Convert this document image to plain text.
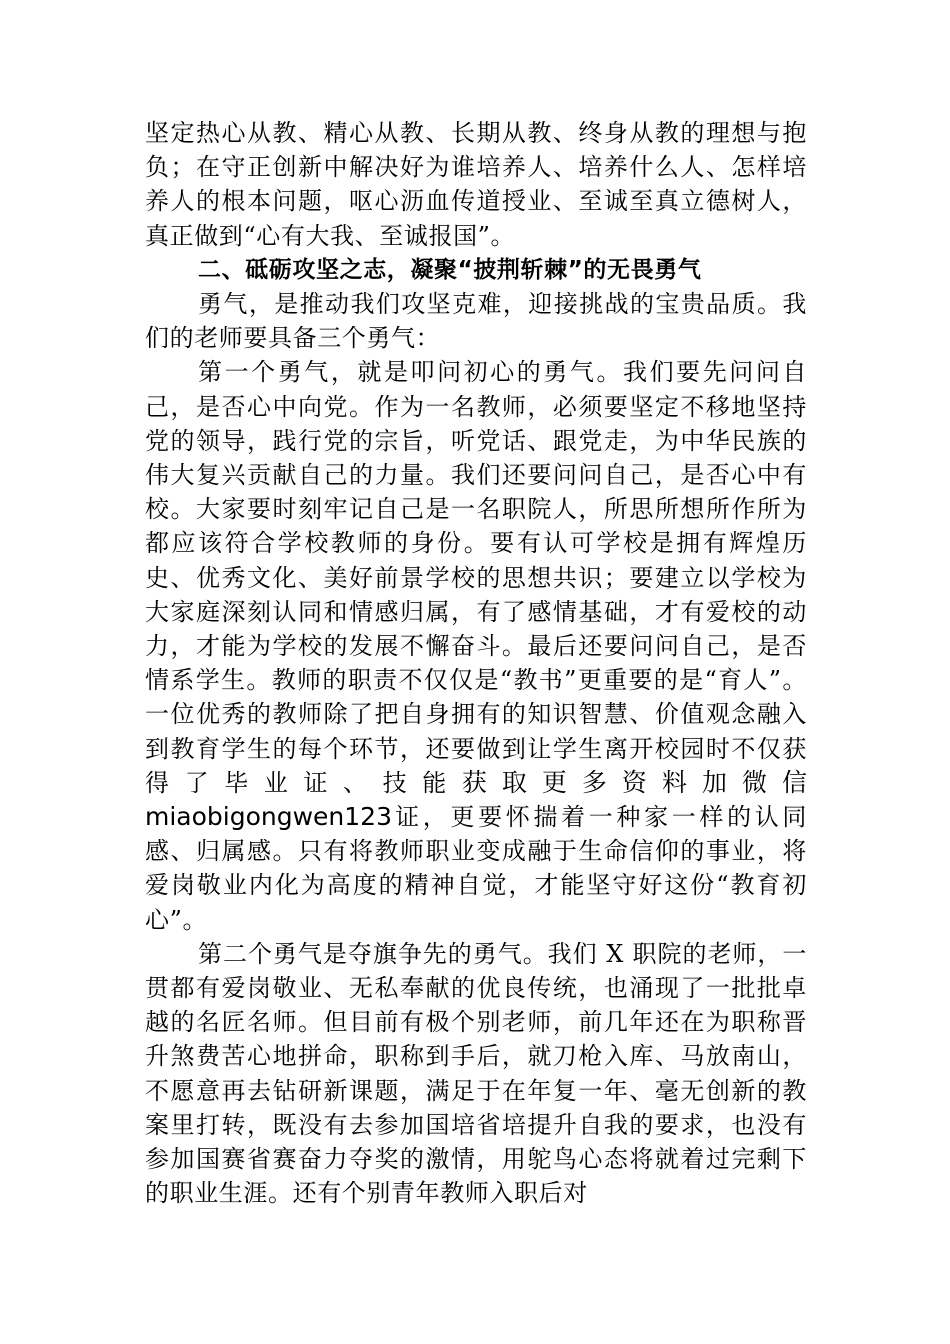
坚定热心从教、精心从教、长期从教、终身从教的理想与抱负；在守正创新中解决好为谁培养人、培养什么人、怎样培养人的根本问题，呕心沥血传道授业、至诚至真立德树人，真正做到“心有大我、至诚报国”。

二、砥砺攻坚之志，凝聚“披荆斩棘”的无畏勇气

勇气，是推动我们攻坚克难，迎接挑战的宝贵品质。我们的老师要具备三个勇气：

第一个勇气，就是叩问初心的勇气。我们要先问问自己，是否心中向党。作为一名教师，必须要坚定不移地坚持党的领导，践行党的宗旨，听党话、跟党走，为中华民族的伟大复兴贡献自己的力量。我们还要问问自己，是否心中有校。大家要时刻牢记自己是一名职院人，所思所想所作所为都应该符合学校教师的身份。要有认可学校是拥有辉煌历史、优秀文化、美好前景学校的思想共识；要建立以学校为大家庭深刻认同和情感归属，有了感情基础，才有爱校的动力，才能为学校的发展不懈奋斗。最后还要问问自己，是否情系学生。教师的职责不仅仅是“教书”更重要的是“育人”。一位优秀的教师除了把自身拥有的知识智慧、价值观念融入到教育学生的每个环节，还要做到让学生离开校园时不仅获得了毕业证、技能获取更多资料加微信 miaobigongwen123证，更要怀揣着一种家一样的认同感、归属感。只有将教师职业变成融于生命信仰的事业，将爱岗敬业内化为高度的精神自觉，才能坚守好这份“教育初心”。

第二个勇气是夺旗争先的勇气。我们 X 职院的老师，一贯都有爱岗敬业、无私奉献的优良传统，也涌现了一批批卓越的名匠名师。但目前有极个别老师，前几年还在为职称晋升煞费苦心地拼命，职称到手后，就刀枪入库、马放南山，不愿意再去钻研新课题，满足于在年复一年、毫无创新的教案里打转，既没有去参加国培省培提升自我的要求，也没有参加国赛省赛奋力夺奖的激情，用鸵鸟心态将就着过完剩下的职业生涯。还有个别青年教师入职后对
